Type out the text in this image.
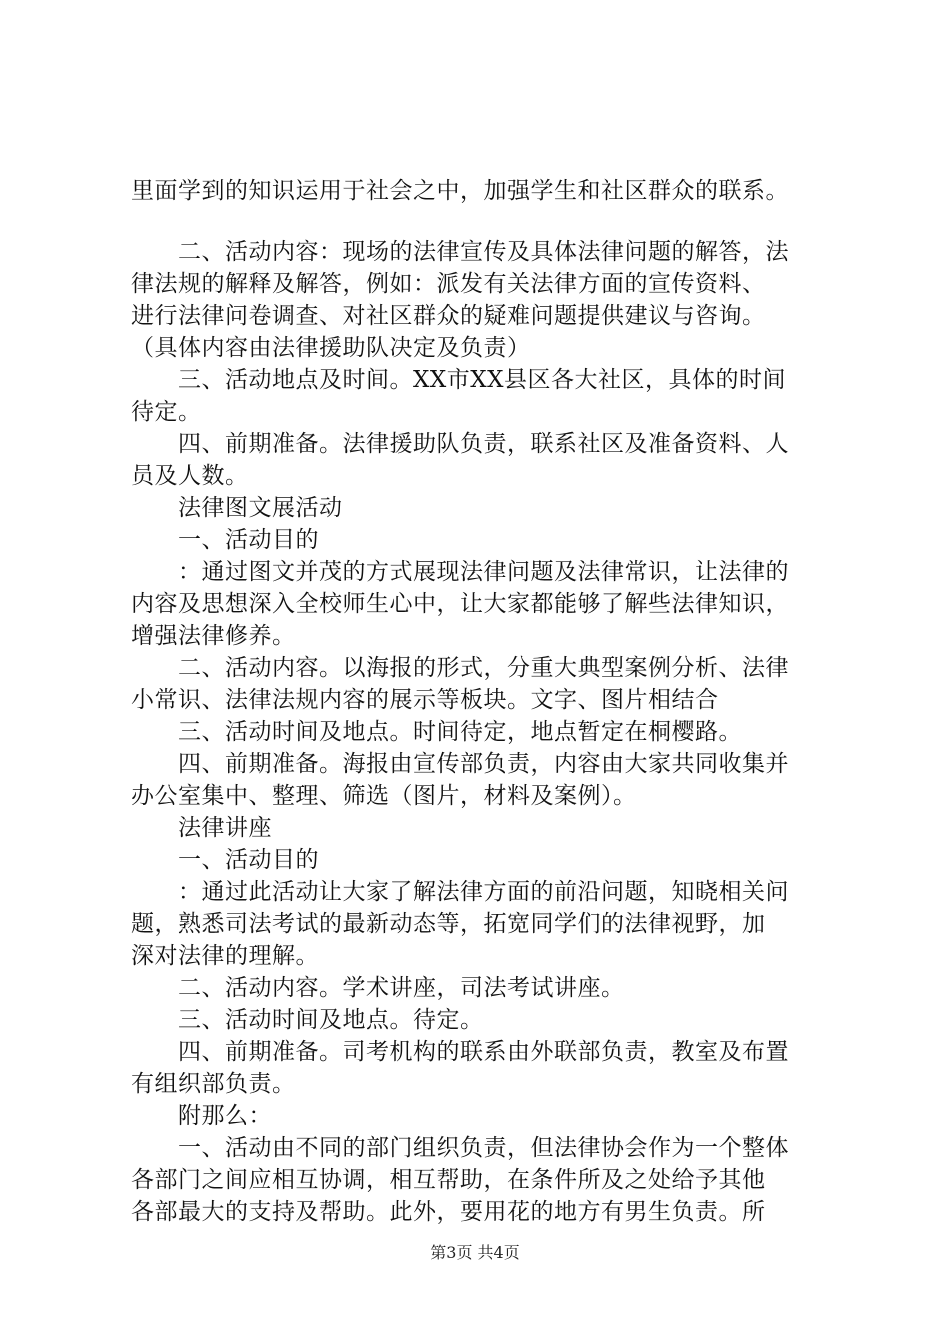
里面学到的知识运用于社会之中，加强学生和社区群众的联系。
　　二、活动内容：现场的法律宣传及具体法律问题的解答，法
律法规的解释及解答，例如：派发有关法律方面的宣传资料、
进行法律问卷调查、对社区群众的疑难问题提供建议与咨询。
（具体内容由法律援助队决定及负责）
　　三、活动地点及时间。XX市XX县区各大社区，具体的时间
待定。
　　四、前期准备。法律援助队负责，联系社区及准备资料、人
员及人数。
　　法律图文展活动
　　一、活动目的
　　：通过图文并茂的方式展现法律问题及法律常识，让法律的
内容及思想深入全校师生心中，让大家都能够了解些法律知识，
增强法律修养。
　　二、活动内容。以海报的形式，分重大典型案例分析、法律
小常识、法律法规内容的展示等板块。文字、图片相结合
　　三、活动时间及地点。时间待定，地点暂定在桐樱路。
　　四、前期准备。海报由宣传部负责，内容由大家共同收集并
办公室集中、整理、筛选（图片，材料及案例）。
　　法律讲座
　　一、活动目的
　　：通过此活动让大家了解法律方面的前沿问题，知晓相关问
题，熟悉司法考试的最新动态等，拓宽同学们的法律视野，加
深对法律的理解。
　　二、活动内容。学术讲座，司法考试讲座。
　　三、活动时间及地点。待定。
　　四、前期准备。司考机构的联系由外联部负责，教室及布置
有组织部负责。
　　附那么：
　　一、活动由不同的部门组织负责，但法律协会作为一个整体
各部门之间应相互协调，相互帮助，在条件所及之处给予其他
各部最大的支持及帮助。此外，要用花的地方有男生负责。所
第3页 共4页
